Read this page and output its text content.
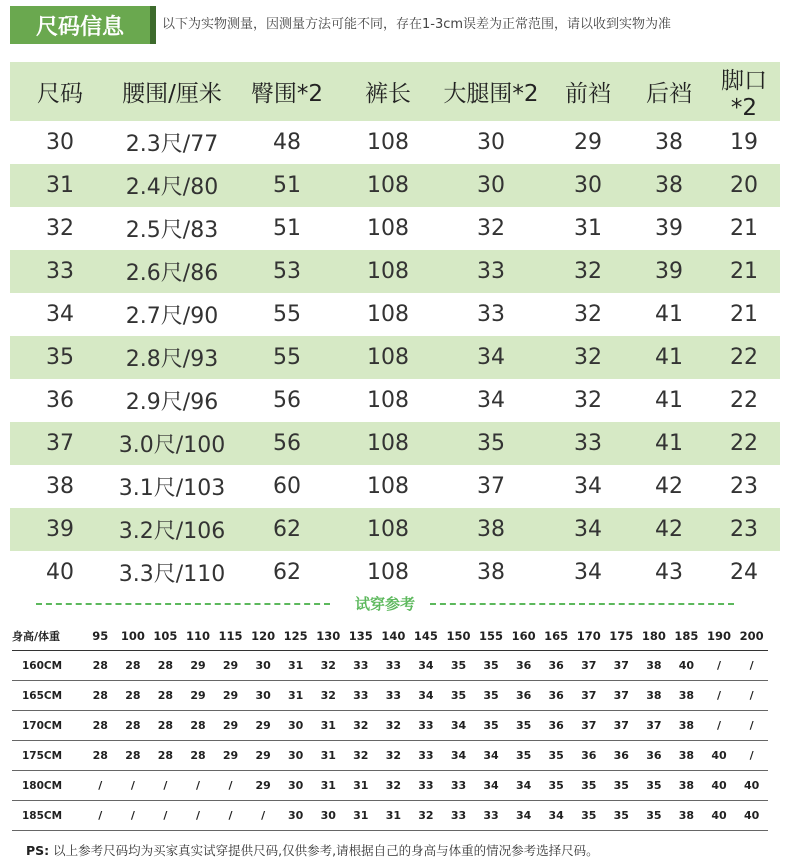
尺码信息	以下为实物测量，因测量方法可能不同，存在1-3cm误差为正常范围，请以收到实物为准
尺码	腰围/厘米	臀围*2	裤长	大腿围*2	前裆	后裆	脚口*2
30	2.3尺/77	48	108	30	29	38	19
31	2.4尺/80	51	108	30	30	38	20
32	2.5尺/83	51	108	32	31	39	21
33	2.6尺/86	53	108	33	32	39	21
34	2.7尺/90	55	108	33	32	41	21
35	2.8尺/93	55	108	34	32	41	22
36	2.9尺/96	56	108	34	32	41	22
37	3.0尺/100	56	108	35	33	41	22
38	3.1尺/103	60	108	37	34	42	23
39	3.2尺/106	62	108	38	34	42	23
40	3.3尺/110	62	108	38	34	43	24
试穿参考
身高/体重	95	100	105	110	115	120	125	130	135	140	145	150	155	160	165	170	175	180	185	190	200
160CM	28	28	28	29	29	30	31	32	33	33	34	35	35	36	36	37	37	38	40	/	/
165CM	28	28	28	29	29	30	31	32	33	33	34	35	35	36	36	37	37	38	38	/	/
170CM	28	28	28	28	29	29	30	31	32	32	33	34	35	35	36	37	37	37	38	/	/
175CM	28	28	28	28	29	29	30	31	32	32	33	34	34	35	35	36	36	36	38	40	/
180CM	/	/	/	/	/	29	30	31	31	32	33	33	34	34	35	35	35	35	38	40	40
185CM	/	/	/	/	/	/	30	30	31	31	32	33	33	34	34	35	35	35	38	40	40
PS: 以上参考尺码均为买家真实试穿提供尺码,仅供参考,请根据自己的身高与体重的情况参考选择尺码。
